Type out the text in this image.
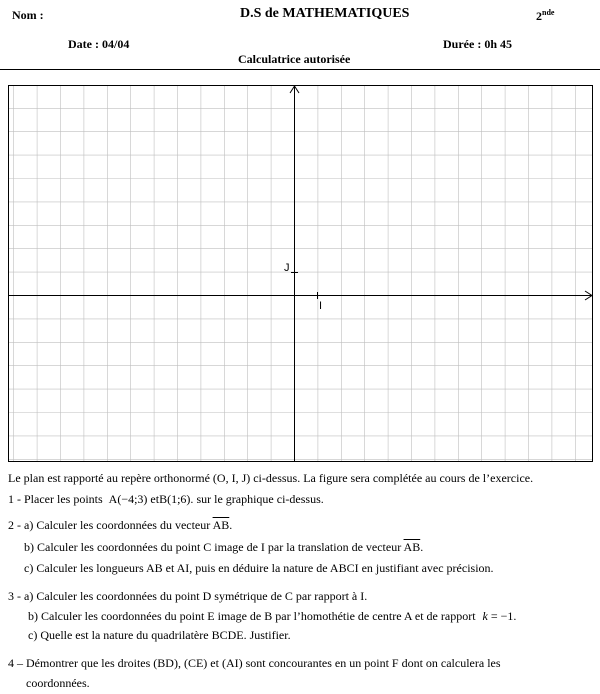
Nom :	D.S de MATHEMATIQUES	2nde
Date : 04/04	Durée : 0h 45
Calculatrice autorisée
J
I
Le plan est rapporté au repère orthonormé (O, I, J) ci-dessus. La figure sera complétée au cours de l’exercice.
1 - Placer les points A(−4;3) etB(1;6). sur le graphique ci-dessus.
2 - a) Calculer les coordonnées du vecteur $\overline{AB}$.
b) Calculer les coordonnées du point C image de I par la translation de vecteur $\overline{AB}$.
c) Calculer les longueurs AB et AI, puis en déduire la nature de ABCI en justifiant avec précision.
3 - a) Calculer les coordonnées du point D symétrique de C par rapport à I.
b) Calculer les coordonnées du point E image de B par l’homothétie de centre A et de rapport k = −1.
c) Quelle est la nature du quadrilatère BCDE. Justifier.
4 – Démontrer que les droites (BD), (CE) et (AI) sont concourantes en un point F dont on calculera les
coordonnées.
